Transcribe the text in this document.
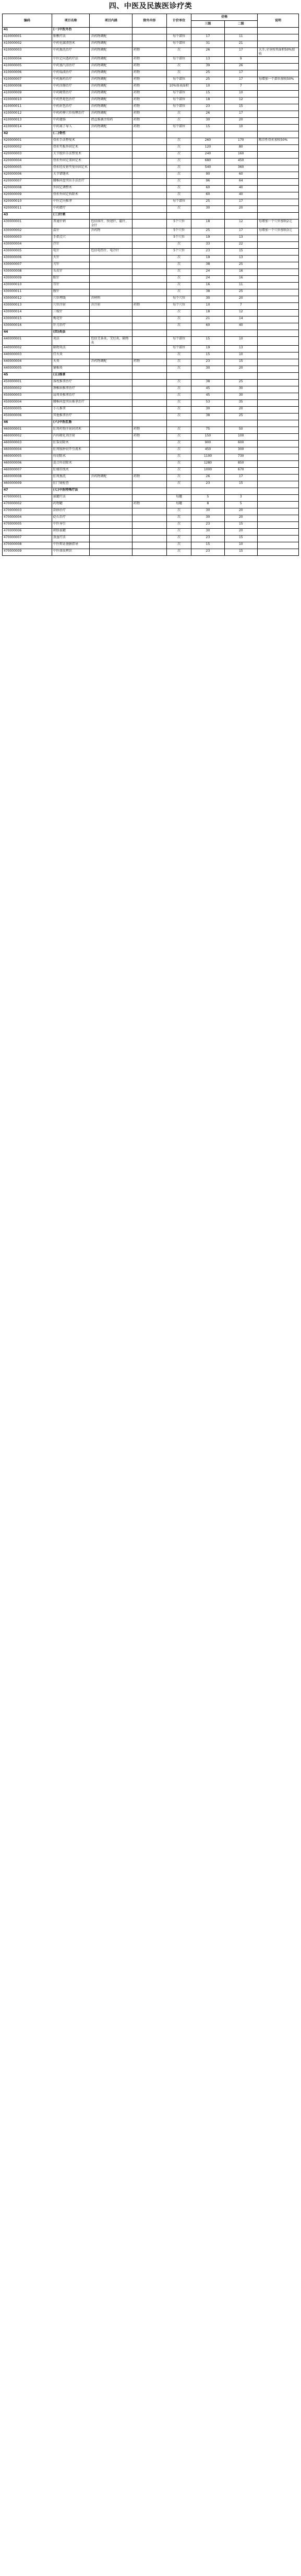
四、中医及民族医诊疗类
编码	项目名称	项目内涵	除外内容	计价单位	价格		说明
					三级	二级	
41	(一)中医外治						
410000001	贴敷疗法	含药物调配		每个部位	17	11	
410000002	中药化腐清创术	含药物调配		每个部位	31	21	
410000003	中药熏洗治疗	含药物调配	药物	次	26	17	大手,全身按其面积50%加收
410000004	中医定向透药疗法	含药物调配	药物	每个部位	13	9	
410000005	中药蒸汽浴治疗	含药物调配	药物	次	39	26	
410000006	中药塌渍治疗	含药物调配	药物	次	25	17	
410000007	中药熏药治疗	含药物调配	药物	每个部位	25	17	每增加一个部位加收50%
410000008	中药涂擦治疗	含药物调配	药物	10%体表面积	10	7	
410000009	中药硬膏治疗	含药物调配	药物	每个部位	15	10	
410000010	中药热奄包治疗	含药物调配	药物	每个部位	18	12	
410000011	中药封包治疗	含药物调配	药物	每个部位	23	15	
410000012	中药药棒穴位按摩治疗	含药物调配	药物	次	26	17	
410000013	中药灌肠	指直肠滴注给药	药物	次	30	20	
410000014	中药离子导入	含药物调配	药物	每个部位	15	10	
42	(二)骨伤						
420000001	骨折手法整复术			次	260	170	陈旧性骨折加收50%
420000002	骨折夹板外固定术			次	120	80	
420000003	关节脱位手法整复术			次	240	160	
420000004	骨折外固定架固定术			次	680	450	
420000005	骨折经皮钳夹复位固定术			次	540	360	
420000006	关节错缝术			次	90	60	
420000007	腰椎间盘突出手法治疗			次	96	64	
420000008	外固定调整术			次	60	40	
420000009	骨折外固定拆除术			次	60	40	
420000010	中医定向推拿			每个部位	25	17	
420000011	中药蜡疗			次	30	20	
43	(三)针刺						
430000001	普通针刺	包括体针、快速针、磁针、金针		5个穴位	18	12	每增加一个穴位加收2元
430000002	温针	含药物		5个穴位	25	17	每增加一个穴位加收3元
430000003	手指点穴			5个穴位	19	13	
430000004	浮针			次	33	22	
430000005	电针	包括电热针、电冷针		5个穴位	23	15	
430000006	火针			次	19	13	
430000007	刃针			次	38	25	
430000008	头皮针			次	24	16	
430000009	眼针			次	24	16	
430000010	耳针			次	16	11	
430000011	腹针			次	38	25	
430000012	穴位埋线	含材料		每个穴位	30	20	
430000013	穴位注射	含注射	药物	每个穴位	10	7	
430000014	三棱针			次	18	12	
430000015	梅花针			次	21	14	
430000016	针刀治疗			次	60	40	
44	(四)灸法						
440000001	灸法	包括艾条灸、艾炷灸、隔物灸		每个部位	15	10	
440000002	隔物灸法			每个部位	19	13	
440000003	灯火灸			次	15	10	
440000004	天灸	含药物调配	药物	次	23	15	
440000005	铺棉灸			次	30	20	
45	(五)推拿						
450000001	落枕推拿治疗			次	38	25	
450000002	颈椎病推拿治疗			次	45	30	
450000003	肩周炎推拿治疗			次	45	30	
450000004	腰椎间盘突出推拿治疗			次	53	35	
450000005	小儿推拿			次	30	20	
450000006	其他推拿治疗			次	38	25	
46	(六)中医肛肠						
460000001	肛周药物注射封闭术		药物	次	75	50	
460000002	内痔硬化剂注射		药物	次	150	100	
460000003	肛裂切除术			次	900	600	
460000004	肛周脓肿切开引流术			次	450	300	
460000005	痔切除术			次	1100	730	
460000006	混合痔切除术			次	1280	850	
460000007	肛瘘挂线术			次	1000	670	
460000008	肛周熏洗	含药物调配	药物	次	26	17	
460000009	肛门镜检查			次	23	15	
47	(七)中医特殊疗法						
470000001	拔罐疗法			每罐	5	3	
470000002	药物罐		药物	每罐	8	5	
470000003	刮痧治疗			次	30	20	
470000004	砭石治疗			次	30	20	
470000005	中医导引			次	23	15	
470000006	刺络拔罐			次	30	20	
470000007	放血疗法			次	23	15	
470000008	中医辩证施膳指导			次	15	10	
470000009	中医体质辨识			次	23	15	
